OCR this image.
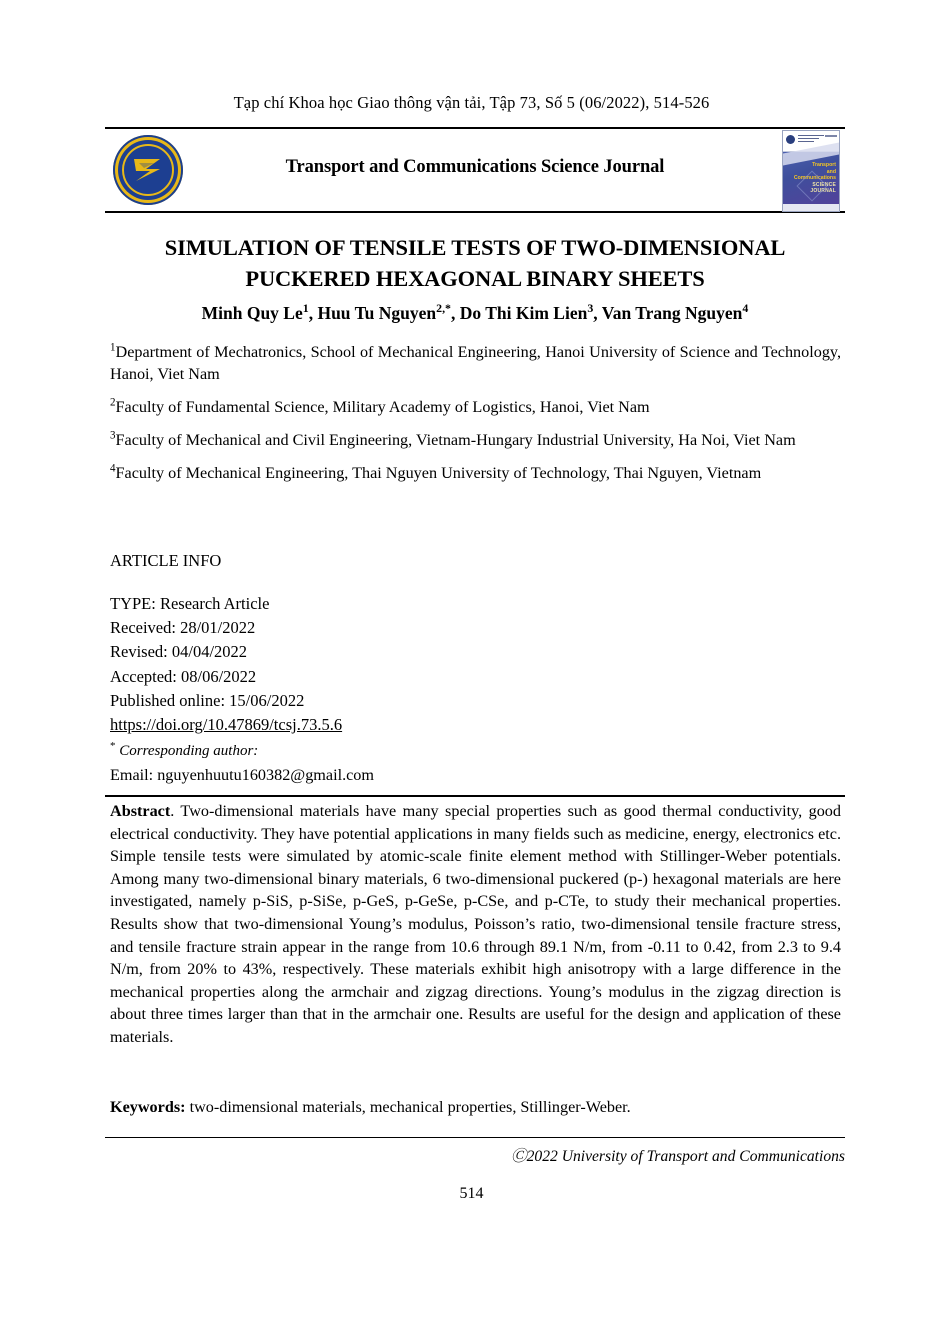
Tạp chí Khoa học Giao thông vận tải, Tập 73, Số 5 (06/2022), 514-526
Transport and Communications Science Journal	Transport
and
Communications
SCIENCE JOURNAL
SIMULATION OF TENSILE TESTS OF TWO-DIMENSIONAL
PUCKERED HEXAGONAL BINARY SHEETS
Minh Quy Le$^1$, Huu Tu Nguyen$^{2,*}$, Do Thi Kim Lien$^3$, Van Trang Nguyen$^4$
$^1$Department of Mechatronics, School of Mechanical Engineering, Hanoi University of Science and Technology, Hanoi, Viet Nam
$^2$Faculty of Fundamental Science, Military Academy of Logistics, Hanoi, Viet Nam
$^3$Faculty of Mechanical and Civil Engineering, Vietnam-Hungary Industrial University, Ha Noi, Viet Nam
$^4$Faculty of Mechanical Engineering, Thai Nguyen University of Technology, Thai Nguyen, Vietnam
ARTICLE INFO
TYPE: Research Article
Received: 28/01/2022
Revised: 04/04/2022
Accepted: 08/06/2022
Published online: 15/06/2022
https://doi.org/10.47869/tcsj.73.5.6
* Corresponding author:
Email: nguyenhuutu160382@gmail.com
Abstract. Two-dimensional materials have many special properties such as good thermal conductivity, good electrical conductivity. They have potential applications in many fields such as medicine, energy, electronics etc. Simple tensile tests were simulated by atomic-scale finite element method with Stillinger-Weber potentials. Among many two-dimensional binary materials, 6 two-dimensional puckered (p-) hexagonal materials are here investigated, namely p-SiS, p-SiSe, p-GeS, p-GeSe, p-CSe, and p-CTe, to study their mechanical properties. Results show that two-dimensional Young’s modulus, Poisson’s ratio, two-dimensional tensile fracture stress, and tensile fracture strain appear in the range from 10.6 through 89.1 N/m, from -0.11 to 0.42, from 2.3 to 9.4 N/m, from 20% to 43%, respectively. These materials exhibit high anisotropy with a large difference in the mechanical properties along the armchair and zigzag directions. Young’s modulus in the zigzag direction is about three times larger than that in the armchair one. Results are useful for the design and application of these materials.
Keywords: two-dimensional materials, mechanical properties, Stillinger-Weber.
Ⓒ2022 University of Transport and Communications
514
